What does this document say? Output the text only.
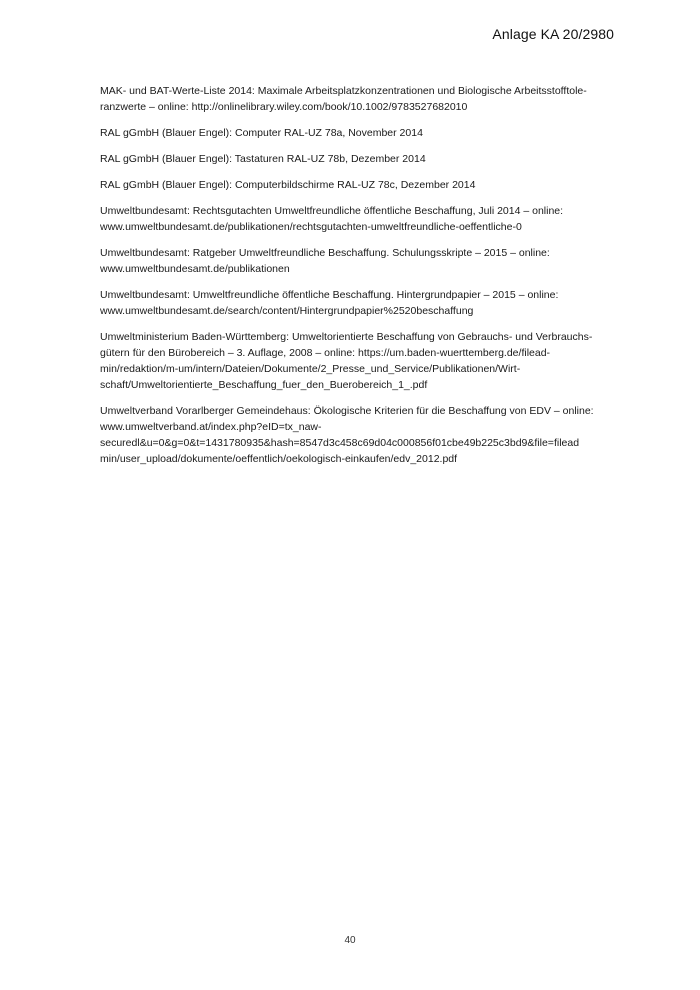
Anlage KA 20/2980
MAK- und BAT-Werte-Liste 2014: Maximale Arbeitsplatzkonzentrationen und Biologische Arbeitsstofftole-
ranzwerte – online: http://onlinelibrary.wiley.com/book/10.1002/9783527682010
RAL gGmbH (Blauer Engel): Computer RAL-UZ 78a, November 2014
RAL gGmbH (Blauer Engel): Tastaturen RAL-UZ 78b, Dezember 2014
RAL gGmbH (Blauer Engel): Computerbildschirme RAL-UZ 78c, Dezember 2014
Umweltbundesamt: Rechtsgutachten Umweltfreundliche öffentliche Beschaffung, Juli 2014 – online:
www.umweltbundesamt.de/publikationen/rechtsgutachten-umweltfreundliche-oeffentliche-0
Umweltbundesamt: Ratgeber Umweltfreundliche Beschaffung. Schulungsskripte – 2015 – online:
www.umweltbundesamt.de/publikationen
Umweltbundesamt: Umweltfreundliche öffentliche Beschaffung. Hintergrundpapier – 2015 – online:
www.umweltbundesamt.de/search/content/Hintergrundpapier%2520beschaffung
Umweltministerium Baden-Württemberg: Umweltorientierte Beschaffung von Gebrauchs- und Verbrauchs-
gütern für den Bürobereich – 3. Auflage, 2008 – online: https://um.baden-wuerttemberg.de/filead-
min/redaktion/m-um/intern/Dateien/Dokumente/2_Presse_und_Service/Publikationen/Wirt-
schaft/Umweltorientierte_Beschaffung_fuer_den_Buerobereich_1_.pdf
Umweltverband Vorarlberger Gemeindehaus: Ökologische Kriterien für die Beschaffung von EDV – online:
www.umweltverband.at/index.php?eID=tx_naw-
securedl&u=0&g=0&t=1431780935&hash=8547d3c458c69d04c000856f01cbe49b225c3bd9&file=filead
min/user_upload/dokumente/oeffentlich/oekologisch-einkaufen/edv_2012.pdf
40
